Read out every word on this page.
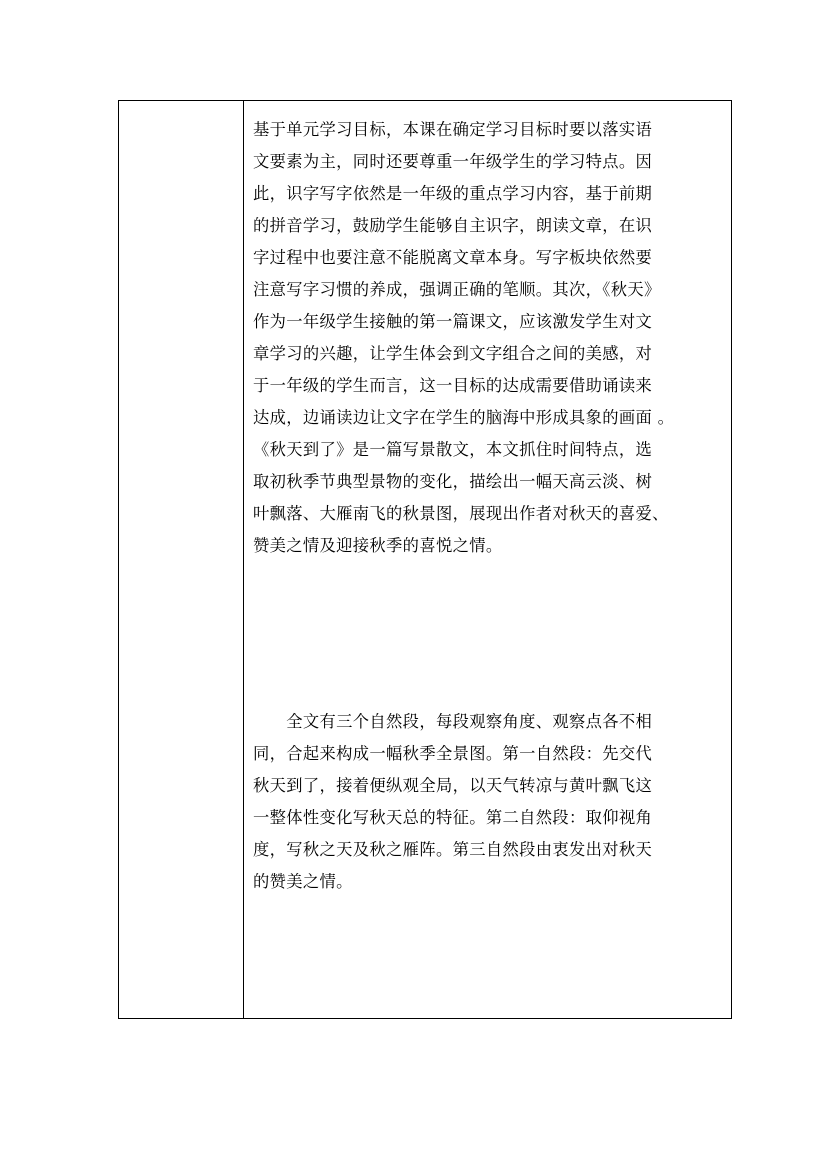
基于单元学习目标，本课在确定学习目标时要以落实语
文要素为主，同时还要尊重一年级学生的学习特点。因
此，识字写字依然是一年级的重点学习内容，基于前期
的拼音学习，鼓励学生能够自主识字，朗读文章，在识
字过程中也要注意不能脱离文章本身。写字板块依然要
注意写字习惯的养成，强调正确的笔顺。其次，《秋天》
作为一年级学生接触的第一篇课文，应该激发学生对文
章学习的兴趣，让学生体会到文字组合之间的美感，对
于一年级的学生而言，这一目标的达成需要借助诵读来
达成，边诵读边让文字在学生的脑海中形成具象的画面 。
《秋天到了》是一篇写景散文，本文抓住时间特点，选
取初秋季节典型景物的变化，描绘出一幅天高云淡、树
叶飘落、大雁南飞的秋景图，展现出作者对秋天的喜爱、
赞美之情及迎接秋季的喜悦之情。
　　全文有三个自然段，每段观察角度、观察点各不相
同，合起来构成一幅秋季全景图。第一自然段：先交代
秋天到了，接着便纵观全局，以天气转凉与黄叶飘飞这
一整体性变化写秋天总的特征。第二自然段：取仰视角
度，写秋之天及秋之雁阵。第三自然段由衷发出对秋天
的赞美之情。
